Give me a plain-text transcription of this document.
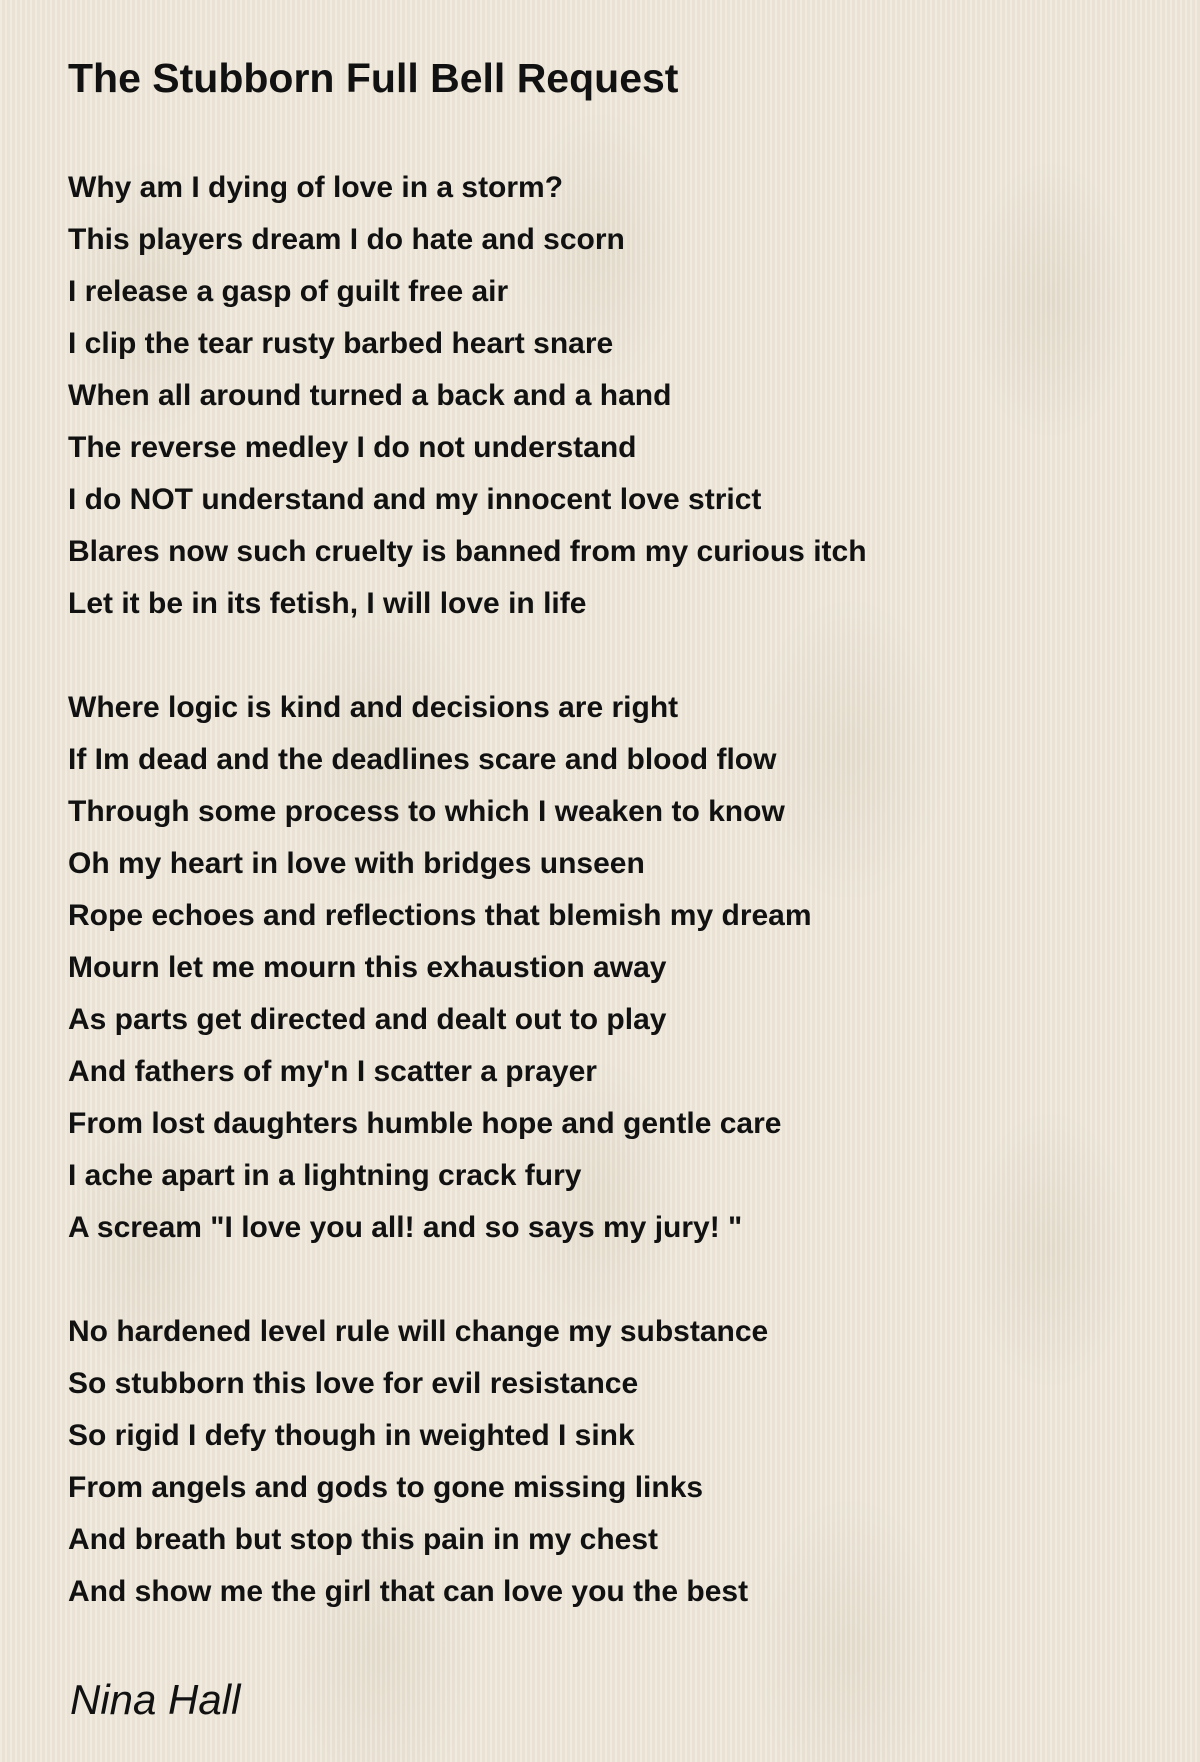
The Stubborn Full Bell Request
Why am I dying of love in a storm?
This players dream I do hate and scorn
I release a gasp of guilt free air
I clip the tear rusty barbed heart snare
When all around turned a back and a hand
The reverse medley I do not understand
I do NOT understand and my innocent love strict
Blares now such cruelty is banned from my curious itch
Let it be in its fetish, I will love in life
Where logic is kind and decisions are right
If Im dead and the deadlines scare and blood flow
Through some process to which I weaken to know
Oh my heart in love with bridges unseen
Rope echoes and reflections that blemish my dream
Mourn let me mourn this exhaustion away
As parts get directed and dealt out to play
And fathers of my'n I scatter a prayer
From lost daughters humble hope and gentle care
I ache apart in a lightning crack fury
A scream "I love you all! and so says my jury! "
No hardened level rule will change my substance
So stubborn this love for evil resistance
So rigid I defy though in weighted I sink
From angels and gods to gone missing links
And breath but stop this pain in my chest
And show me the girl that can love you the best
Nina Hall
